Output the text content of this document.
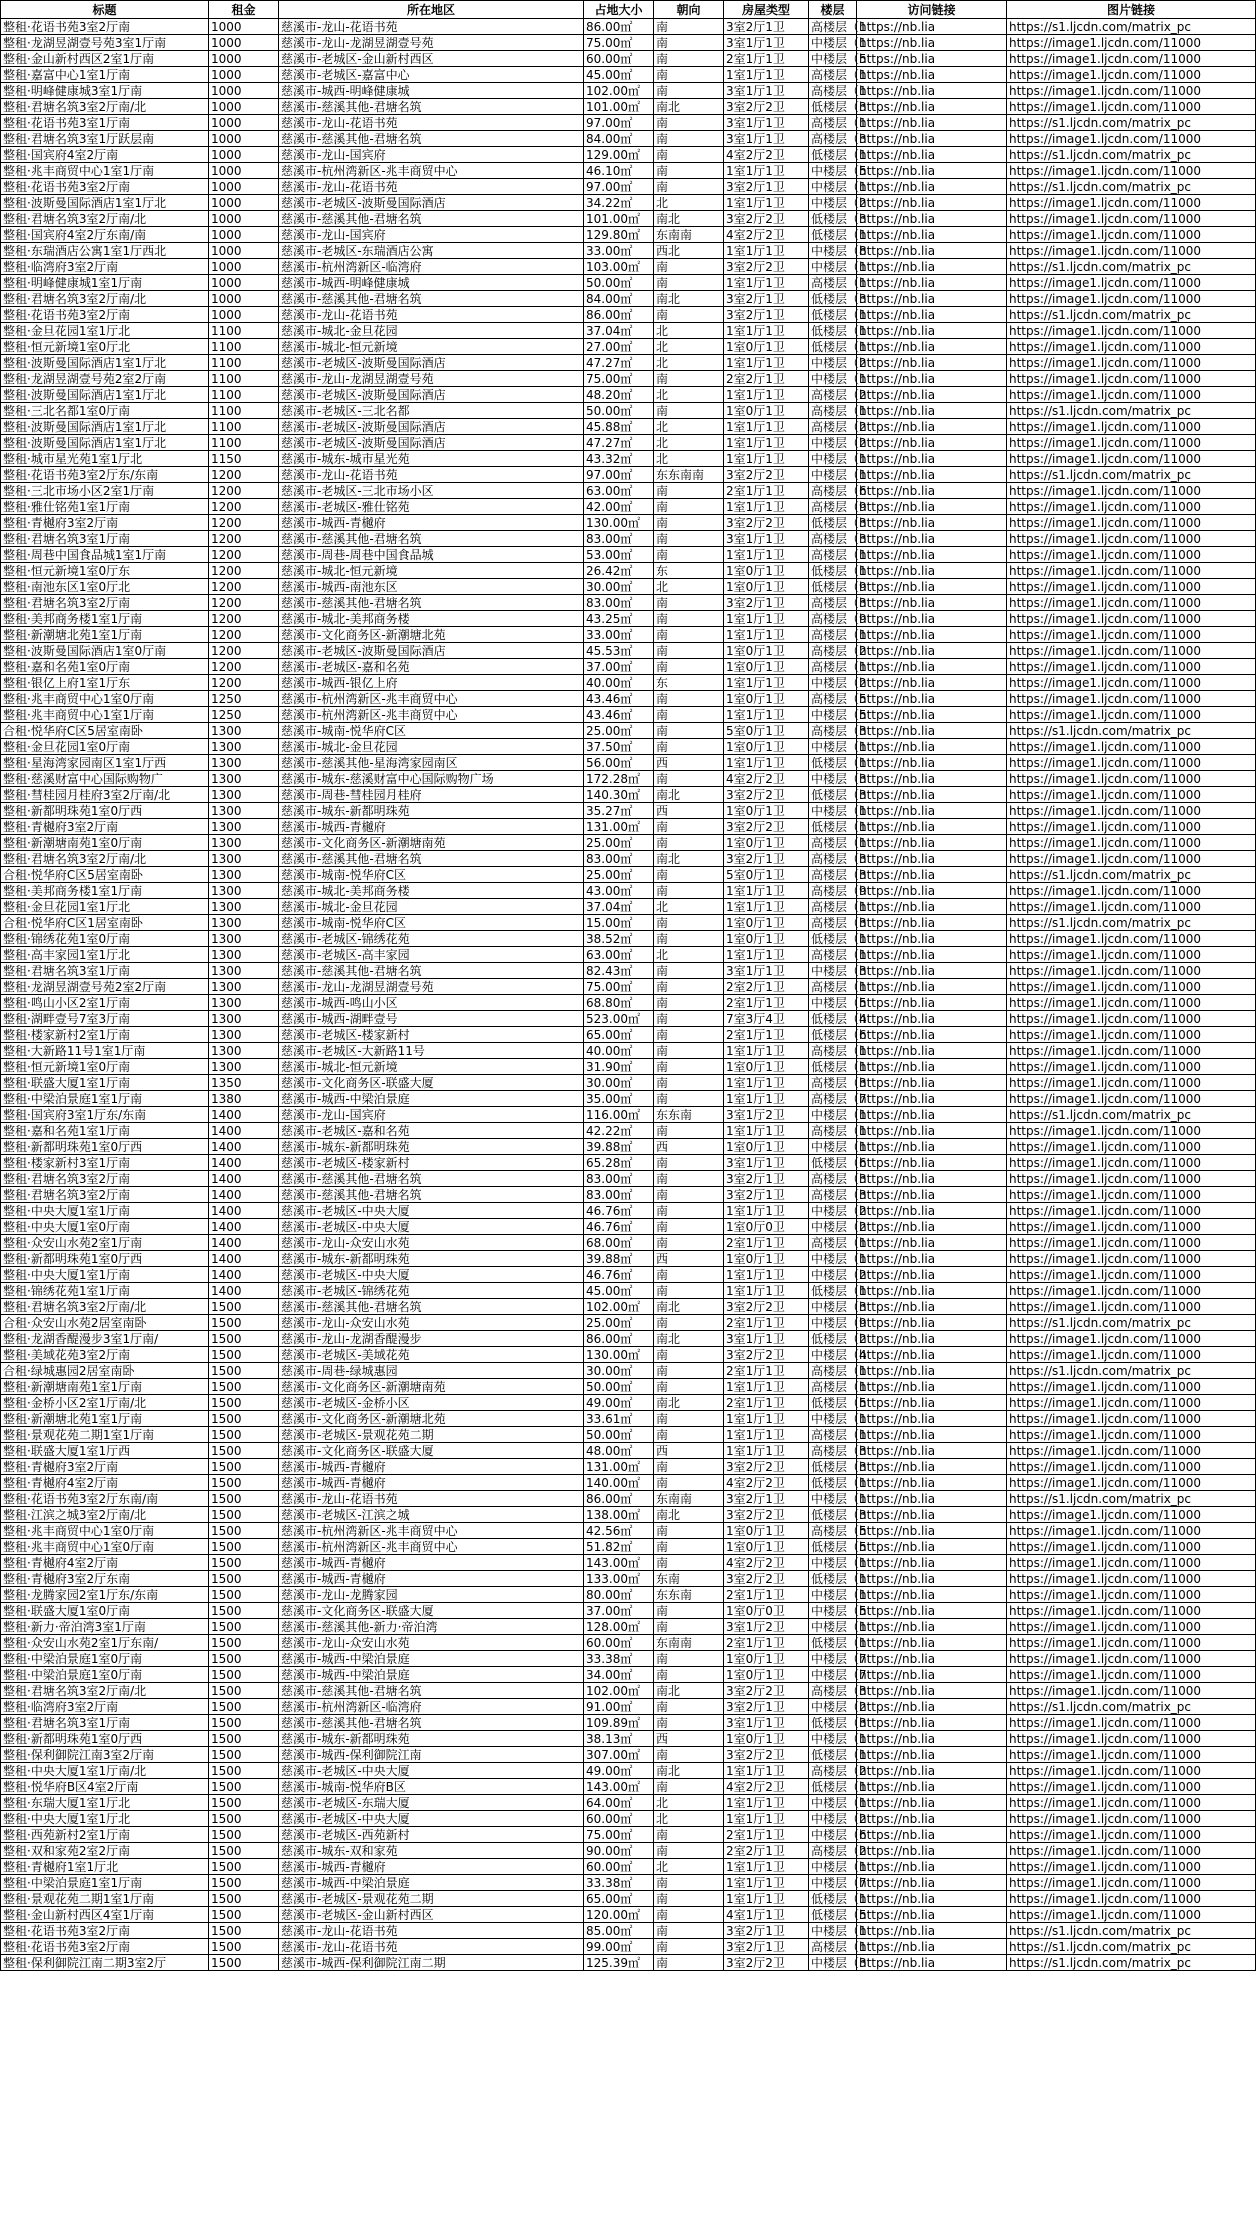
标题	租金	所在地区	占地大小	朝向	房屋类型	楼层	访问链接	图片链接
整租·花语书苑3室2厅南	1000	慈溪市-龙山-花语书苑	86.00㎡	南	3室2厅1卫	高楼层（1	https://nb.lia	https://s1.ljcdn.com/matrix_pc
整租·龙湖昱湖壹号苑3室1厅南	1000	慈溪市-龙山-龙湖昱湖壹号苑	75.00㎡	南	3室1厅1卫	中楼层（1	https://nb.lia	https://image1.ljcdn.com/11000
整租·金山新村西区2室1厅南	1000	慈溪市-老城区-金山新村西区	60.00㎡	南	2室1厅1卫	中楼层（5	https://nb.lia	https://image1.ljcdn.com/11000
整租·嘉富中心1室1厅南	1000	慈溪市-老城区-嘉富中心	45.00㎡	南	1室1厅1卫	高楼层（1	https://nb.lia	https://image1.ljcdn.com/11000
整租·明峰健康城3室1厅南	1000	慈溪市-城西-明峰健康城	102.00㎡	南	3室1厅1卫	高楼层（1	https://nb.lia	https://image1.ljcdn.com/11000
整租·君塘名筑3室2厅南/北	1000	慈溪市-慈溪其他-君塘名筑	101.00㎡	南北	3室2厅2卫	低楼层（3	https://nb.lia	https://image1.ljcdn.com/11000
整租·花语书苑3室1厅南	1000	慈溪市-龙山-花语书苑	97.00㎡	南	3室1厅1卫	高楼层（1	https://nb.lia	https://s1.ljcdn.com/matrix_pc
整租·君塘名筑3室1厅跃层南	1000	慈溪市-慈溪其他-君塘名筑	84.00㎡	南	3室1厅1卫	高楼层（3	https://nb.lia	https://image1.ljcdn.com/11000
整租·国宾府4室2厅南	1000	慈溪市-龙山-国宾府	129.00㎡	南	4室2厅2卫	低楼层（1	https://nb.lia	https://s1.ljcdn.com/matrix_pc
整租·兆丰商贸中心1室1厅南	1000	慈溪市-杭州湾新区-兆丰商贸中心	46.10㎡	南	1室1厅1卫	中楼层（5	https://nb.lia	https://image1.ljcdn.com/11000
整租·花语书苑3室2厅南	1000	慈溪市-龙山-花语书苑	97.00㎡	南	3室2厅1卫	中楼层（1	https://nb.lia	https://s1.ljcdn.com/matrix_pc
整租·波斯曼国际酒店1室1厅北	1000	慈溪市-老城区-波斯曼国际酒店	34.22㎡	北	1室1厅1卫	中楼层（2	https://nb.lia	https://image1.ljcdn.com/11000
整租·君塘名筑3室2厅南/北	1000	慈溪市-慈溪其他-君塘名筑	101.00㎡	南北	3室2厅2卫	低楼层（3	https://nb.lia	https://image1.ljcdn.com/11000
整租·国宾府4室2厅东南/南	1000	慈溪市-龙山-国宾府	129.80㎡	东南南	4室2厅2卫	低楼层（1	https://nb.lia	https://image1.ljcdn.com/11000
整租·东瑞酒店公寓1室1厅西北	1000	慈溪市-老城区-东瑞酒店公寓	33.00㎡	西北	1室1厅1卫	中楼层（8	https://nb.lia	https://image1.ljcdn.com/11000
整租·临湾府3室2厅南	1000	慈溪市-杭州湾新区-临湾府	103.00㎡	南	3室2厅2卫	中楼层（1	https://nb.lia	https://s1.ljcdn.com/matrix_pc
整租·明峰健康城1室1厅南	1000	慈溪市-城西-明峰健康城	50.00㎡	南	1室1厅1卫	高楼层（1	https://nb.lia	https://image1.ljcdn.com/11000
整租·君塘名筑3室2厅南/北	1000	慈溪市-慈溪其他-君塘名筑	84.00㎡	南北	3室2厅1卫	低楼层（3	https://nb.lia	https://image1.ljcdn.com/11000
整租·花语书苑3室2厅南	1000	慈溪市-龙山-花语书苑	86.00㎡	南	3室2厅1卫	低楼层（1	https://nb.lia	https://s1.ljcdn.com/matrix_pc
整租·金旦花园1室1厅北	1100	慈溪市-城北-金旦花园	37.04㎡	北	1室1厅1卫	低楼层（1	https://nb.lia	https://image1.ljcdn.com/11000
整租·恒元新境1室0厅北	1100	慈溪市-城北-恒元新境	27.00㎡	北	1室0厅1卫	低楼层（1	https://nb.lia	https://image1.ljcdn.com/11000
整租·波斯曼国际酒店1室1厅北	1100	慈溪市-老城区-波斯曼国际酒店	47.27㎡	北	1室1厅1卫	中楼层（2	https://nb.lia	https://image1.ljcdn.com/11000
整租·龙湖昱湖壹号苑2室2厅南	1100	慈溪市-龙山-龙湖昱湖壹号苑	75.00㎡	南	2室2厅1卫	中楼层（1	https://nb.lia	https://image1.ljcdn.com/11000
整租·波斯曼国际酒店1室1厅北	1100	慈溪市-老城区-波斯曼国际酒店	48.20㎡	北	1室1厅1卫	高楼层（2	https://nb.lia	https://image1.ljcdn.com/11000
整租·三北名都1室0厅南	1100	慈溪市-老城区-三北名都	50.00㎡	南	1室0厅1卫	高楼层（1	https://nb.lia	https://s1.ljcdn.com/matrix_pc
整租·波斯曼国际酒店1室1厅北	1100	慈溪市-老城区-波斯曼国际酒店	45.88㎡	北	1室1厅1卫	高楼层（2	https://nb.lia	https://image1.ljcdn.com/11000
整租·波斯曼国际酒店1室1厅北	1100	慈溪市-老城区-波斯曼国际酒店	47.27㎡	北	1室1厅1卫	中楼层（2	https://nb.lia	https://image1.ljcdn.com/11000
整租·城市星光苑1室1厅北	1150	慈溪市-城东-城市星光苑	43.32㎡	北	1室1厅1卫	中楼层（1	https://nb.lia	https://image1.ljcdn.com/11000
整租·花语书苑3室2厅东/东南	1200	慈溪市-龙山-花语书苑	97.00㎡	东东南南	3室2厅2卫	中楼层（1	https://nb.lia	https://s1.ljcdn.com/matrix_pc
整租·三北市场小区2室1厅南	1200	慈溪市-老城区-三北市场小区	63.00㎡	南	2室1厅1卫	高楼层（6	https://nb.lia	https://image1.ljcdn.com/11000
整租·雅仕铭苑1室1厅南	1200	慈溪市-老城区-雅仕铭苑	42.00㎡	南	1室1厅1卫	高楼层（9	https://nb.lia	https://image1.ljcdn.com/11000
整租·青樾府3室2厅南	1200	慈溪市-城西-青樾府	130.00㎡	南	3室2厅2卫	低楼层（3	https://nb.lia	https://image1.ljcdn.com/11000
整租·君塘名筑3室1厅南	1200	慈溪市-慈溪其他-君塘名筑	83.00㎡	南	3室1厅1卫	高楼层（3	https://nb.lia	https://image1.ljcdn.com/11000
整租·周巷中国食品城1室1厅南	1200	慈溪市-周巷-周巷中国食品城	53.00㎡	南	1室1厅1卫	高楼层（1	https://nb.lia	https://image1.ljcdn.com/11000
整租·恒元新境1室0厅东	1200	慈溪市-城北-恒元新境	26.42㎡	东	1室0厅1卫	低楼层（1	https://nb.lia	https://image1.ljcdn.com/11000
整租·南池东区1室0厅北	1200	慈溪市-城西-南池东区	30.00㎡	北	1室0厅1卫	低楼层（9	https://nb.lia	https://image1.ljcdn.com/11000
整租·君塘名筑3室2厅南	1200	慈溪市-慈溪其他-君塘名筑	83.00㎡	南	3室2厅1卫	高楼层（3	https://nb.lia	https://image1.ljcdn.com/11000
整租·美邦商务楼1室1厅南	1200	慈溪市-城北-美邦商务楼	43.25㎡	南	1室1厅1卫	高楼层（9	https://nb.lia	https://image1.ljcdn.com/11000
整租·新潮塘北苑1室1厅南	1200	慈溪市-文化商务区-新潮塘北苑	33.00㎡	南	1室1厅1卫	高楼层（1	https://nb.lia	https://image1.ljcdn.com/11000
整租·波斯曼国际酒店1室0厅南	1200	慈溪市-老城区-波斯曼国际酒店	45.53㎡	南	1室0厅1卫	高楼层（2	https://nb.lia	https://image1.ljcdn.com/11000
整租·嘉和名苑1室0厅南	1200	慈溪市-老城区-嘉和名苑	37.00㎡	南	1室0厅1卫	高楼层（1	https://nb.lia	https://image1.ljcdn.com/11000
整租·银亿上府1室1厅东	1200	慈溪市-城西-银亿上府	40.00㎡	东	1室1厅1卫	中楼层（2	https://nb.lia	https://image1.ljcdn.com/11000
整租·兆丰商贸中心1室0厅南	1250	慈溪市-杭州湾新区-兆丰商贸中心	43.46㎡	南	1室0厅1卫	高楼层（5	https://nb.lia	https://image1.ljcdn.com/11000
整租·兆丰商贸中心1室1厅南	1250	慈溪市-杭州湾新区-兆丰商贸中心	43.46㎡	南	1室1厅1卫	中楼层（5	https://nb.lia	https://image1.ljcdn.com/11000
合租·悦华府C区5居室南卧	1300	慈溪市-城南-悦华府C区	25.00㎡	南	5室0厅1卫	高楼层（3	https://nb.lia	https://s1.ljcdn.com/matrix_pc
整租·金旦花园1室0厅南	1300	慈溪市-城北-金旦花园	37.50㎡	南	1室0厅1卫	中楼层（1	https://nb.lia	https://image1.ljcdn.com/11000
整租·星海湾家园南区1室1厅西	1300	慈溪市-慈溪其他-星海湾家园南区	56.00㎡	西	1室1厅1卫	低楼层（1	https://nb.lia	https://image1.ljcdn.com/11000
整租·慈溪财富中心国际购物广	1300	慈溪市-城东-慈溪财富中心国际购物广场	172.28㎡	南	4室2厅2卫	中楼层（3	https://nb.lia	https://image1.ljcdn.com/11000
整租·彗桂园月桂府3室2厅南/北	1300	慈溪市-周巷-彗桂园月桂府	140.30㎡	南北	3室2厅2卫	低楼层（3	https://nb.lia	https://image1.ljcdn.com/11000
整租·新都明珠苑1室0厅西	1300	慈溪市-城东-新都明珠苑	35.27㎡	西	1室0厅1卫	中楼层（1	https://nb.lia	https://image1.ljcdn.com/11000
整租·青樾府3室2厅南	1300	慈溪市-城西-青樾府	131.00㎡	南	3室2厅2卫	低楼层（1	https://nb.lia	https://image1.ljcdn.com/11000
整租·新潮塘南苑1室0厅南	1300	慈溪市-文化商务区-新潮塘南苑	25.00㎡	南	1室0厅1卫	高楼层（1	https://nb.lia	https://image1.ljcdn.com/11000
整租·君塘名筑3室2厅南/北	1300	慈溪市-慈溪其他-君塘名筑	83.00㎡	南北	3室2厅1卫	高楼层（3	https://nb.lia	https://image1.ljcdn.com/11000
合租·悦华府C区5居室南卧	1300	慈溪市-城南-悦华府C区	25.00㎡	南	5室0厅1卫	高楼层（3	https://nb.lia	https://s1.ljcdn.com/matrix_pc
整租·美邦商务楼1室1厅南	1300	慈溪市-城北-美邦商务楼	43.00㎡	南	1室1厅1卫	高楼层（9	https://nb.lia	https://image1.ljcdn.com/11000
整租·金旦花园1室1厅北	1300	慈溪市-城北-金旦花园	37.04㎡	北	1室1厅1卫	高楼层（1	https://nb.lia	https://image1.ljcdn.com/11000
合租·悦华府C区1居室南卧	1300	慈溪市-城南-悦华府C区	15.00㎡	南	1室0厅1卫	高楼层（3	https://nb.lia	https://s1.ljcdn.com/matrix_pc
整租·锦绣花苑1室0厅南	1300	慈溪市-老城区-锦绣花苑	38.52㎡	南	1室0厅1卫	低楼层（1	https://nb.lia	https://image1.ljcdn.com/11000
整租·高丰家园1室1厅北	1300	慈溪市-老城区-高丰家园	63.00㎡	北	1室1厅1卫	高楼层（1	https://nb.lia	https://image1.ljcdn.com/11000
整租·君塘名筑3室1厅南	1300	慈溪市-慈溪其他-君塘名筑	82.43㎡	南	3室1厅1卫	中楼层（3	https://nb.lia	https://image1.ljcdn.com/11000
整租·龙湖昱湖壹号苑2室2厅南	1300	慈溪市-龙山-龙湖昱湖壹号苑	75.00㎡	南	2室2厅1卫	高楼层（1	https://nb.lia	https://image1.ljcdn.com/11000
整租·鸣山小区2室1厅南	1300	慈溪市-城西-鸣山小区	68.80㎡	南	2室1厅1卫	中楼层（5	https://nb.lia	https://image1.ljcdn.com/11000
整租·湖畔壹号7室3厅南	1300	慈溪市-城西-湖畔壹号	523.00㎡	南	7室3厅4卫	低楼层（4	https://nb.lia	https://image1.ljcdn.com/11000
整租·楼家新村2室1厅南	1300	慈溪市-老城区-楼家新村	65.00㎡	南	2室1厅1卫	低楼层（6	https://nb.lia	https://image1.ljcdn.com/11000
整租·大新路11号1室1厅南	1300	慈溪市-老城区-大新路11号	40.00㎡	南	1室1厅1卫	高楼层（1	https://nb.lia	https://image1.ljcdn.com/11000
整租·恒元新境1室0厅南	1300	慈溪市-城北-恒元新境	31.90㎡	南	1室0厅1卫	低楼层（1	https://nb.lia	https://image1.ljcdn.com/11000
整租·联盛大厦1室1厅南	1350	慈溪市-文化商务区-联盛大厦	30.00㎡	南	1室1厅1卫	高楼层（3	https://nb.lia	https://image1.ljcdn.com/11000
整租·中梁泊景庭1室1厅南	1380	慈溪市-城西-中梁泊景庭	35.00㎡	南	1室1厅1卫	高楼层（7	https://nb.lia	https://image1.ljcdn.com/11000
整租·国宾府3室1厅东/东南	1400	慈溪市-龙山-国宾府	116.00㎡	东东南	3室1厅2卫	中楼层（1	https://nb.lia	https://s1.ljcdn.com/matrix_pc
整租·嘉和名苑1室1厅南	1400	慈溪市-老城区-嘉和名苑	42.22㎡	南	1室1厅1卫	高楼层（1	https://nb.lia	https://image1.ljcdn.com/11000
整租·新都明珠苑1室0厅西	1400	慈溪市-城东-新都明珠苑	39.88㎡	西	1室0厅1卫	中楼层（1	https://nb.lia	https://image1.ljcdn.com/11000
整租·楼家新村3室1厅南	1400	慈溪市-老城区-楼家新村	65.28㎡	南	3室1厅1卫	低楼层（6	https://nb.lia	https://image1.ljcdn.com/11000
整租·君塘名筑3室2厅南	1400	慈溪市-慈溪其他-君塘名筑	83.00㎡	南	3室2厅1卫	高楼层（3	https://nb.lia	https://image1.ljcdn.com/11000
整租·君塘名筑3室2厅南	1400	慈溪市-慈溪其他-君塘名筑	83.00㎡	南	3室2厅1卫	高楼层（3	https://nb.lia	https://image1.ljcdn.com/11000
整租·中央大厦1室1厅南	1400	慈溪市-老城区-中央大厦	46.76㎡	南	1室1厅1卫	中楼层（2	https://nb.lia	https://image1.ljcdn.com/11000
整租·中央大厦1室0厅南	1400	慈溪市-老城区-中央大厦	46.76㎡	南	1室0厅0卫	中楼层（2	https://nb.lia	https://image1.ljcdn.com/11000
整租·众安山水苑2室1厅南	1400	慈溪市-龙山-众安山水苑	68.00㎡	南	2室1厅1卫	高楼层（1	https://nb.lia	https://image1.ljcdn.com/11000
整租·新都明珠苑1室0厅西	1400	慈溪市-城东-新都明珠苑	39.88㎡	西	1室0厅1卫	中楼层（1	https://nb.lia	https://image1.ljcdn.com/11000
整租·中央大厦1室1厅南	1400	慈溪市-老城区-中央大厦	46.76㎡	南	1室1厅1卫	中楼层（2	https://nb.lia	https://image1.ljcdn.com/11000
整租·锦绣花苑1室1厅南	1400	慈溪市-老城区-锦绣花苑	45.00㎡	南	1室1厅1卫	低楼层（1	https://nb.lia	https://image1.ljcdn.com/11000
整租·君塘名筑3室2厅南/北	1500	慈溪市-慈溪其他-君塘名筑	102.00㎡	南北	3室2厅2卫	中楼层（3	https://nb.lia	https://image1.ljcdn.com/11000
合租·众安山水苑2居室南卧	1500	慈溪市-龙山-众安山水苑	25.00㎡	南	2室1厅1卫	中楼层（9	https://nb.lia	https://s1.ljcdn.com/matrix_pc
整租·龙湖香醍漫步3室1厅南/	1500	慈溪市-龙山-龙湖香醍漫步	86.00㎡	南北	3室1厅1卫	低楼层（2	https://nb.lia	https://image1.ljcdn.com/11000
整租·美域花苑3室2厅南	1500	慈溪市-老城区-美域花苑	130.00㎡	南	3室2厅2卫	中楼层（4	https://nb.lia	https://image1.ljcdn.com/11000
合租·绿城惠园2居室南卧	1500	慈溪市-周巷-绿城惠园	30.00㎡	南	2室1厅1卫	高楼层（1	https://nb.lia	https://s1.ljcdn.com/matrix_pc
整租·新潮塘南苑1室1厅南	1500	慈溪市-文化商务区-新潮塘南苑	50.00㎡	南	1室1厅1卫	高楼层（1	https://nb.lia	https://image1.ljcdn.com/11000
整租·金桥小区2室1厅南/北	1500	慈溪市-老城区-金桥小区	49.00㎡	南北	2室1厅1卫	低楼层（5	https://nb.lia	https://image1.ljcdn.com/11000
整租·新潮塘北苑1室1厅南	1500	慈溪市-文化商务区-新潮塘北苑	33.61㎡	南	1室1厅1卫	中楼层（1	https://nb.lia	https://image1.ljcdn.com/11000
整租·景观花苑二期1室1厅南	1500	慈溪市-老城区-景观花苑二期	50.00㎡	南	1室1厅1卫	高楼层（1	https://nb.lia	https://image1.ljcdn.com/11000
整租·联盛大厦1室1厅西	1500	慈溪市-文化商务区-联盛大厦	48.00㎡	西	1室1厅1卫	高楼层（3	https://nb.lia	https://image1.ljcdn.com/11000
整租·青樾府3室2厅南	1500	慈溪市-城西-青樾府	131.00㎡	南	3室2厅2卫	低楼层（3	https://nb.lia	https://image1.ljcdn.com/11000
整租·青樾府4室2厅南	1500	慈溪市-城西-青樾府	140.00㎡	南	4室2厅2卫	低楼层（1	https://nb.lia	https://image1.ljcdn.com/11000
整租·花语书苑3室2厅东南/南	1500	慈溪市-龙山-花语书苑	86.00㎡	东南南	3室2厅1卫	中楼层（1	https://nb.lia	https://s1.ljcdn.com/matrix_pc
整租·江滨之城3室2厅南/北	1500	慈溪市-老城区-江滨之城	138.00㎡	南北	3室2厅2卫	低楼层（3	https://nb.lia	https://image1.ljcdn.com/11000
整租·兆丰商贸中心1室0厅南	1500	慈溪市-杭州湾新区-兆丰商贸中心	42.56㎡	南	1室0厅1卫	高楼层（5	https://nb.lia	https://image1.ljcdn.com/11000
整租·兆丰商贸中心1室0厅南	1500	慈溪市-杭州湾新区-兆丰商贸中心	51.82㎡	南	1室0厅1卫	低楼层（5	https://nb.lia	https://image1.ljcdn.com/11000
整租·青樾府4室2厅南	1500	慈溪市-城西-青樾府	143.00㎡	南	4室2厅2卫	中楼层（1	https://nb.lia	https://image1.ljcdn.com/11000
整租·青樾府3室2厅东南	1500	慈溪市-城西-青樾府	133.00㎡	东南	3室2厅2卫	低楼层（1	https://nb.lia	https://image1.ljcdn.com/11000
整租·龙腾家园2室1厅东/东南	1500	慈溪市-龙山-龙腾家园	80.00㎡	东东南	2室1厅1卫	中楼层（1	https://nb.lia	https://image1.ljcdn.com/11000
整租·联盛大厦1室0厅南	1500	慈溪市-文化商务区-联盛大厦	37.00㎡	南	1室0厅0卫	中楼层（5	https://nb.lia	https://image1.ljcdn.com/11000
整租·新力·帝泊湾3室1厅南	1500	慈溪市-慈溪其他-新力·帝泊湾	128.00㎡	南	3室1厅2卫	中楼层（1	https://nb.lia	https://image1.ljcdn.com/11000
整租·众安山水苑2室1厅东南/	1500	慈溪市-龙山-众安山水苑	60.00㎡	东南南	2室1厅1卫	低楼层（1	https://nb.lia	https://image1.ljcdn.com/11000
整租·中梁泊景庭1室0厅南	1500	慈溪市-城西-中梁泊景庭	33.38㎡	南	1室0厅1卫	中楼层（7	https://nb.lia	https://image1.ljcdn.com/11000
整租·中梁泊景庭1室0厅南	1500	慈溪市-城西-中梁泊景庭	34.00㎡	南	1室0厅1卫	中楼层（7	https://nb.lia	https://image1.ljcdn.com/11000
整租·君塘名筑3室2厅南/北	1500	慈溪市-慈溪其他-君塘名筑	102.00㎡	南北	3室2厅2卫	高楼层（3	https://nb.lia	https://image1.ljcdn.com/11000
整租·临湾府3室2厅南	1500	慈溪市-杭州湾新区-临湾府	91.00㎡	南	3室2厅1卫	中楼层（2	https://nb.lia	https://s1.ljcdn.com/matrix_pc
整租·君塘名筑3室1厅南	1500	慈溪市-慈溪其他-君塘名筑	109.89㎡	南	3室1厅1卫	低楼层（3	https://nb.lia	https://image1.ljcdn.com/11000
整租·新都明珠苑1室0厅西	1500	慈溪市-城东-新都明珠苑	38.13㎡	西	1室0厅1卫	中楼层（1	https://nb.lia	https://image1.ljcdn.com/11000
整租·保利御院江南3室2厅南	1500	慈溪市-城西-保利御院江南	307.00㎡	南	3室2厅2卫	低楼层（1	https://nb.lia	https://image1.ljcdn.com/11000
整租·中央大厦1室1厅南/北	1500	慈溪市-老城区-中央大厦	49.00㎡	南北	1室1厅1卫	高楼层（2	https://nb.lia	https://image1.ljcdn.com/11000
整租·悦华府B区4室2厅南	1500	慈溪市-城南-悦华府B区	143.00㎡	南	4室2厅2卫	低楼层（1	https://nb.lia	https://image1.ljcdn.com/11000
整租·东瑞大厦1室1厅北	1500	慈溪市-老城区-东瑞大厦	64.00㎡	北	1室1厅1卫	中楼层（1	https://nb.lia	https://image1.ljcdn.com/11000
整租·中央大厦1室1厅北	1500	慈溪市-老城区-中央大厦	60.00㎡	北	1室1厅1卫	中楼层（2	https://nb.lia	https://image1.ljcdn.com/11000
整租·西苑新村2室1厅南	1500	慈溪市-老城区-西苑新村	75.00㎡	南	2室1厅1卫	中楼层（6	https://nb.lia	https://image1.ljcdn.com/11000
整租·双和家苑2室2厅南	1500	慈溪市-城东-双和家苑	90.00㎡	南	2室2厅1卫	高楼层（2	https://nb.lia	https://image1.ljcdn.com/11000
整租·青樾府1室1厅北	1500	慈溪市-城西-青樾府	60.00㎡	北	1室1厅1卫	中楼层（1	https://nb.lia	https://image1.ljcdn.com/11000
整租·中梁泊景庭1室1厅南	1500	慈溪市-城西-中梁泊景庭	33.38㎡	南	1室1厅1卫	中楼层（7	https://nb.lia	https://image1.ljcdn.com/11000
整租·景观花苑二期1室1厅南	1500	慈溪市-老城区-景观花苑二期	65.00㎡	南	1室1厅1卫	低楼层（1	https://nb.lia	https://image1.ljcdn.com/11000
整租·金山新村西区4室1厅南	1500	慈溪市-老城区-金山新村西区	120.00㎡	南	4室1厅1卫	低楼层（5	https://nb.lia	https://image1.ljcdn.com/11000
整租·花语书苑3室2厅南	1500	慈溪市-龙山-花语书苑	85.00㎡	南	3室2厅1卫	中楼层（1	https://nb.lia	https://s1.ljcdn.com/matrix_pc
整租·花语书苑3室2厅南	1500	慈溪市-龙山-花语书苑	99.00㎡	南	3室2厅1卫	高楼层（1	https://nb.lia	https://s1.ljcdn.com/matrix_pc
整租·保利御院江南二期3室2厅	1500	慈溪市-城西-保利御院江南二期	125.39㎡	南	3室2厅2卫	中楼层（3	https://nb.lia	https://s1.ljcdn.com/matrix_pc
